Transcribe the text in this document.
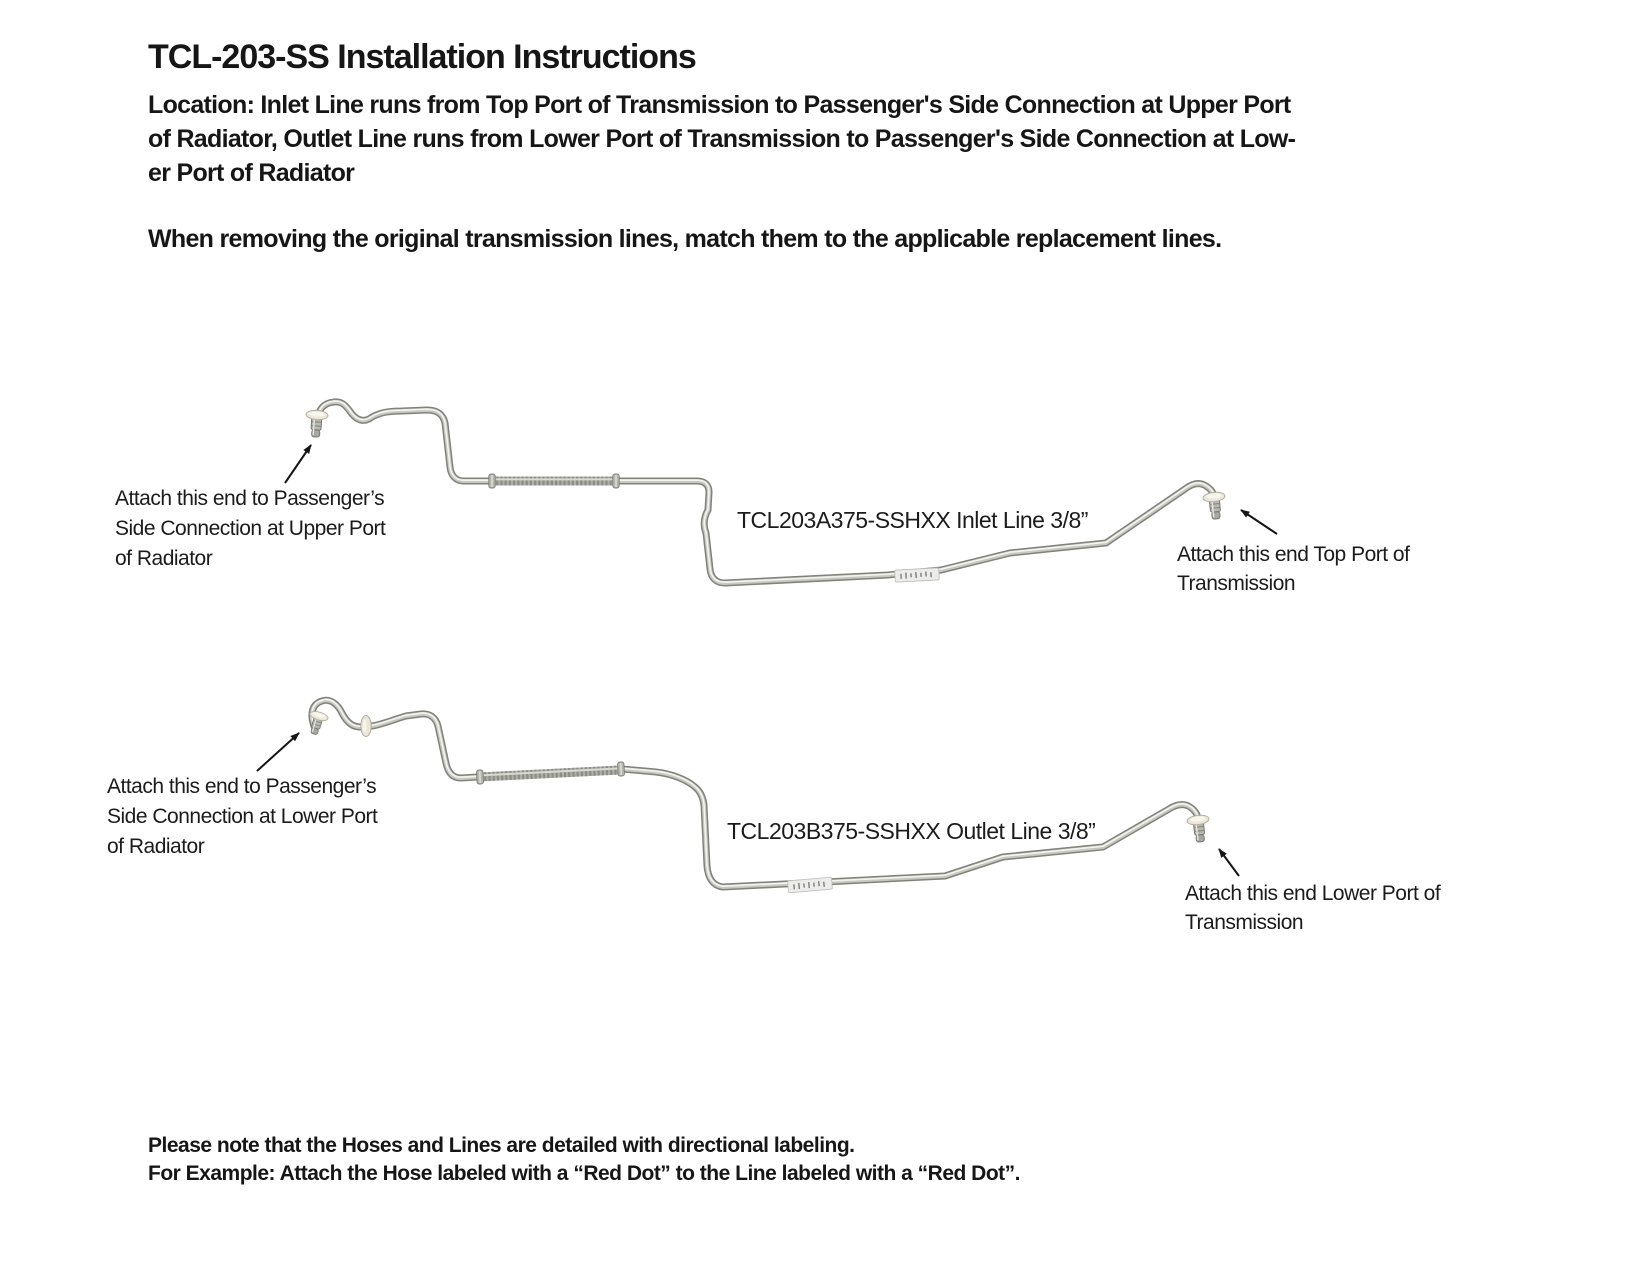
TCL-203-SS Installation Instructions
Location: Inlet Line runs from Top Port of Transmission to Passenger's Side Connection at Upper Port
of Radiator, Outlet Line runs from Lower Port of Transmission to Passenger's Side Connection at Low-
er Port of Radiator
When removing the original transmission lines, match them to the applicable replacement lines.
Attach this end to Passenger’s
Side Connection at Upper Port
of Radiator
TCL203A375-SSHXX Inlet Line 3/8”
Attach this end Top Port of
Transmission
Attach this end to Passenger’s
Side Connection at Lower Port
of Radiator
TCL203B375-SSHXX Outlet Line 3/8”
Attach this end Lower Port of
Transmission
Please note that the Hoses and Lines are detailed with directional labeling.
For Example: Attach the Hose labeled with a “Red Dot” to the Line labeled with a “Red Dot”.
